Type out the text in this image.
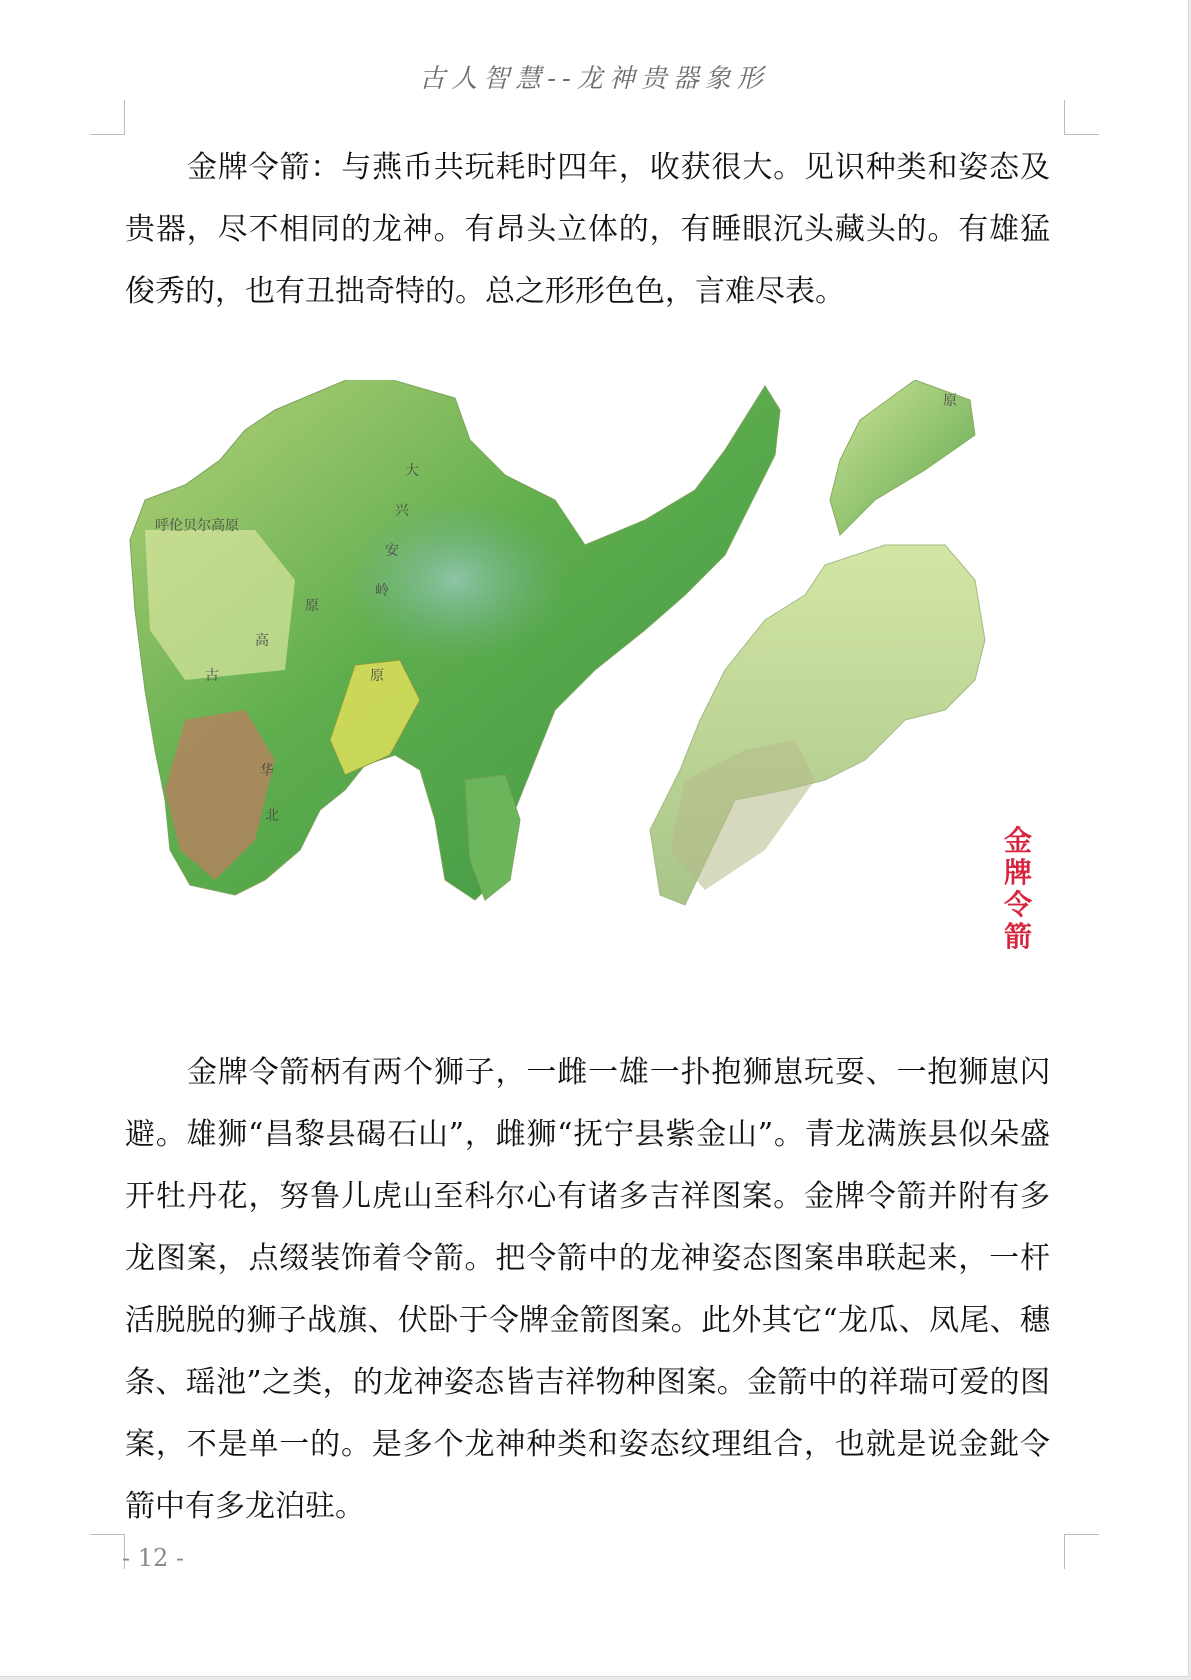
古人智慧--龙神贵器象形

金牌令箭：与燕币共玩耗时四年，收获很大。见识种类和姿态及贵器，尽不相同的龙神。有昂头立体的，有睡眼沉头藏头的。有雄猛俊秀的，也有丑拙奇特的。总之形形色色，言难尽表。

呼伦贝尔高原
大
兴
安
岭
古
高
原
原
北
华
原
金
牌
令
箭

金牌令箭柄有两个狮子，一雌一雄一扑抱狮崽玩耍、一抱狮崽闪避。雄狮“昌黎县碣石山”，雌狮“抚宁县紫金山”。青龙满族县似朵盛开牡丹花，努鲁儿虎山至科尔心有诸多吉祥图案。金牌令箭并附有多龙图案，点缀装饰着令箭。把令箭中的龙神姿态图案串联起来，一杆活脱脱的狮子战旗、伏卧于令牌金箭图案。此外其它“龙瓜、凤尾、穗条、瑶池”之类，的龙神姿态皆吉祥物种图案。金箭中的祥瑞可爱的图案，不是单一的。是多个龙神种类和姿态纹理组合，也就是说金鈚令箭中有多龙泊驻。

- 12 -
